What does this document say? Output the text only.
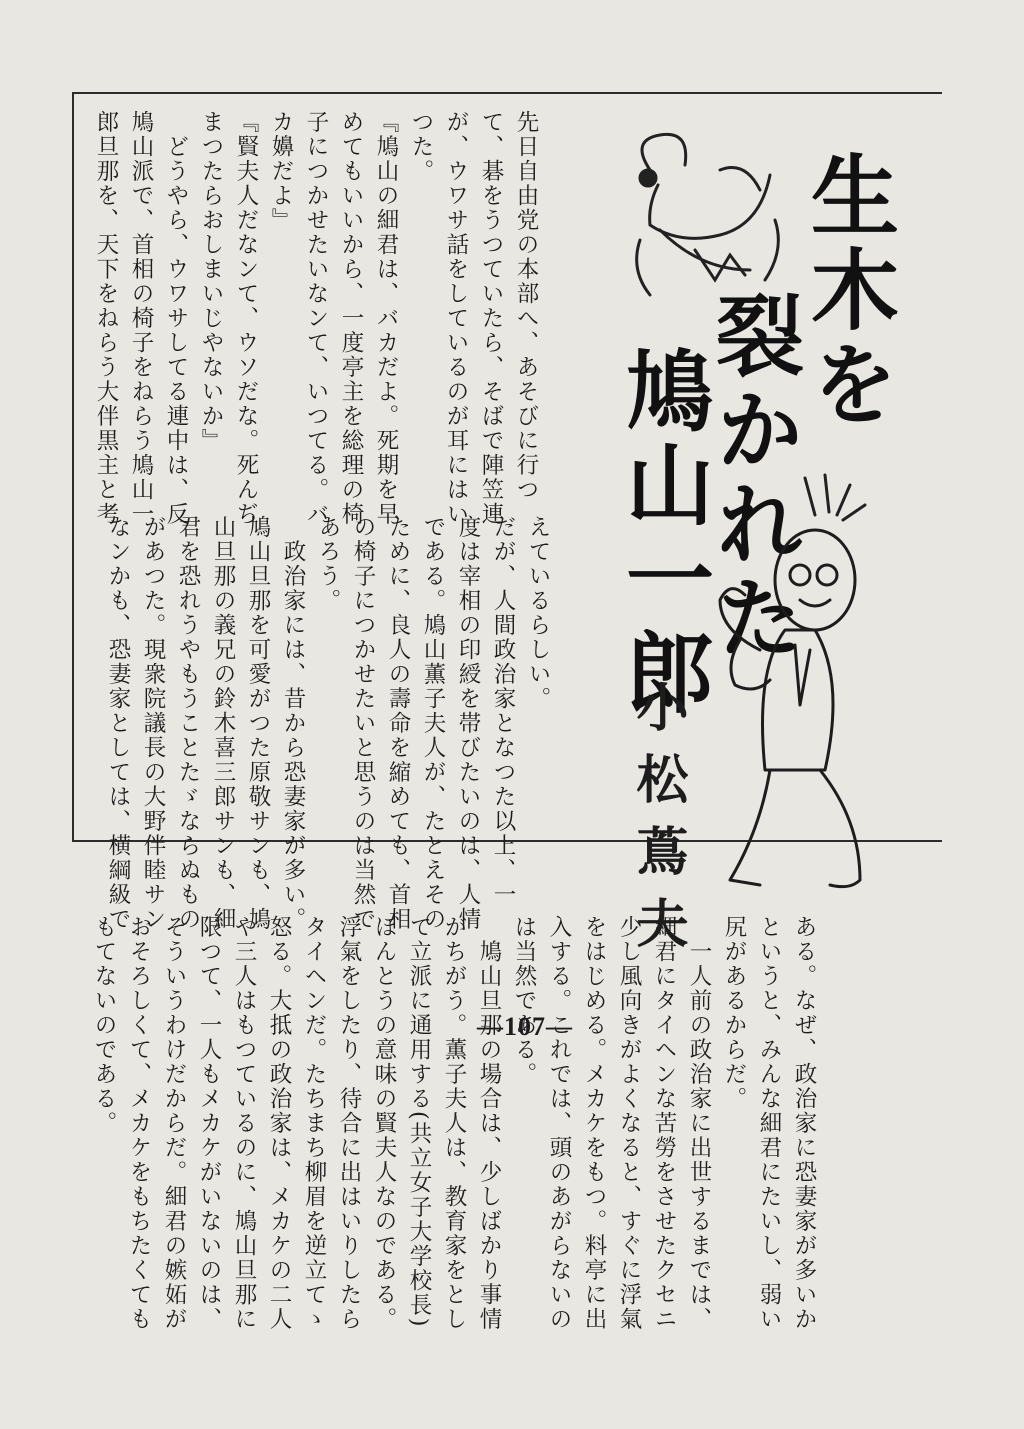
生木を
裂かれた
鳩山一郎
小松蔦夫
先日自由党の本部へ、あそびに行つ
て、碁をうつていたら、そばで陣笠連
が、ウワサ話をしているのが耳にはい
つた。
『鳩山の細君は、バカだよ。死期を早
めてもいいから、一度亭主を総理の椅
子につかせたいなンて、いつてる。バ
カ嬶だよ』
『賢夫人だなンて、ウソだな。死んぢ
まつたらおしまいじやないか』
　どうやら、ウワサしてる連中は、反
鳩山派で、首相の椅子をねらう鳩山一
郎旦那を、天下をねらう大伴黒主と考
えているらしい。
だが、人間政治家となつた以上、一
度は宰相の印綬を帯びたいのは、人情
である。鳩山薫子夫人が、たとえその
ために、良人の壽命を縮めても、首相
の椅子につかせたいと思うのは当然で
あろう。
　政治家には、昔から恐妻家が多い。
鳩山旦那を可愛がつた原敬サンも、鳩
山旦那の義兄の鈴木喜三郎サンも、細
君を恐れうやもうことたゞならぬもの
があつた。現衆院議長の大野伴睦サン
なンかも、恐妻家としては、横綱級で
ある。なぜ、政治家に恐妻家が多いか
というと、みんな細君にたいし、弱い
尻があるからだ。
　一人前の政治家に出世するまでは、
細君にタイヘンな苦勞をさせたクセニ
少し風向きがよくなると、すぐに浮氣
をはじめる。メカケをもつ。料亭に出
入する。これでは、頭のあがらないの
は当然である。
　鳩山旦那の場合は、少しばかり事情
がちがう。薫子夫人は、教育家をとし
て立派に通用する(共立女子大学校長)
ほんとうの意味の賢夫人なのである。
浮氣をしたり、待合に出はいりしたら
タイヘンだ。たちまち柳眉を逆立てゝ
怒る。大抵の政治家は、メカケの二人
や三人はもつているのに、鳩山旦那に
限つて、一人もメカケがいないのは、
そういうわけだからだ。細君の嫉妬が
おそろしくて、メカケをもちたくても
もてないのである。	—107—
